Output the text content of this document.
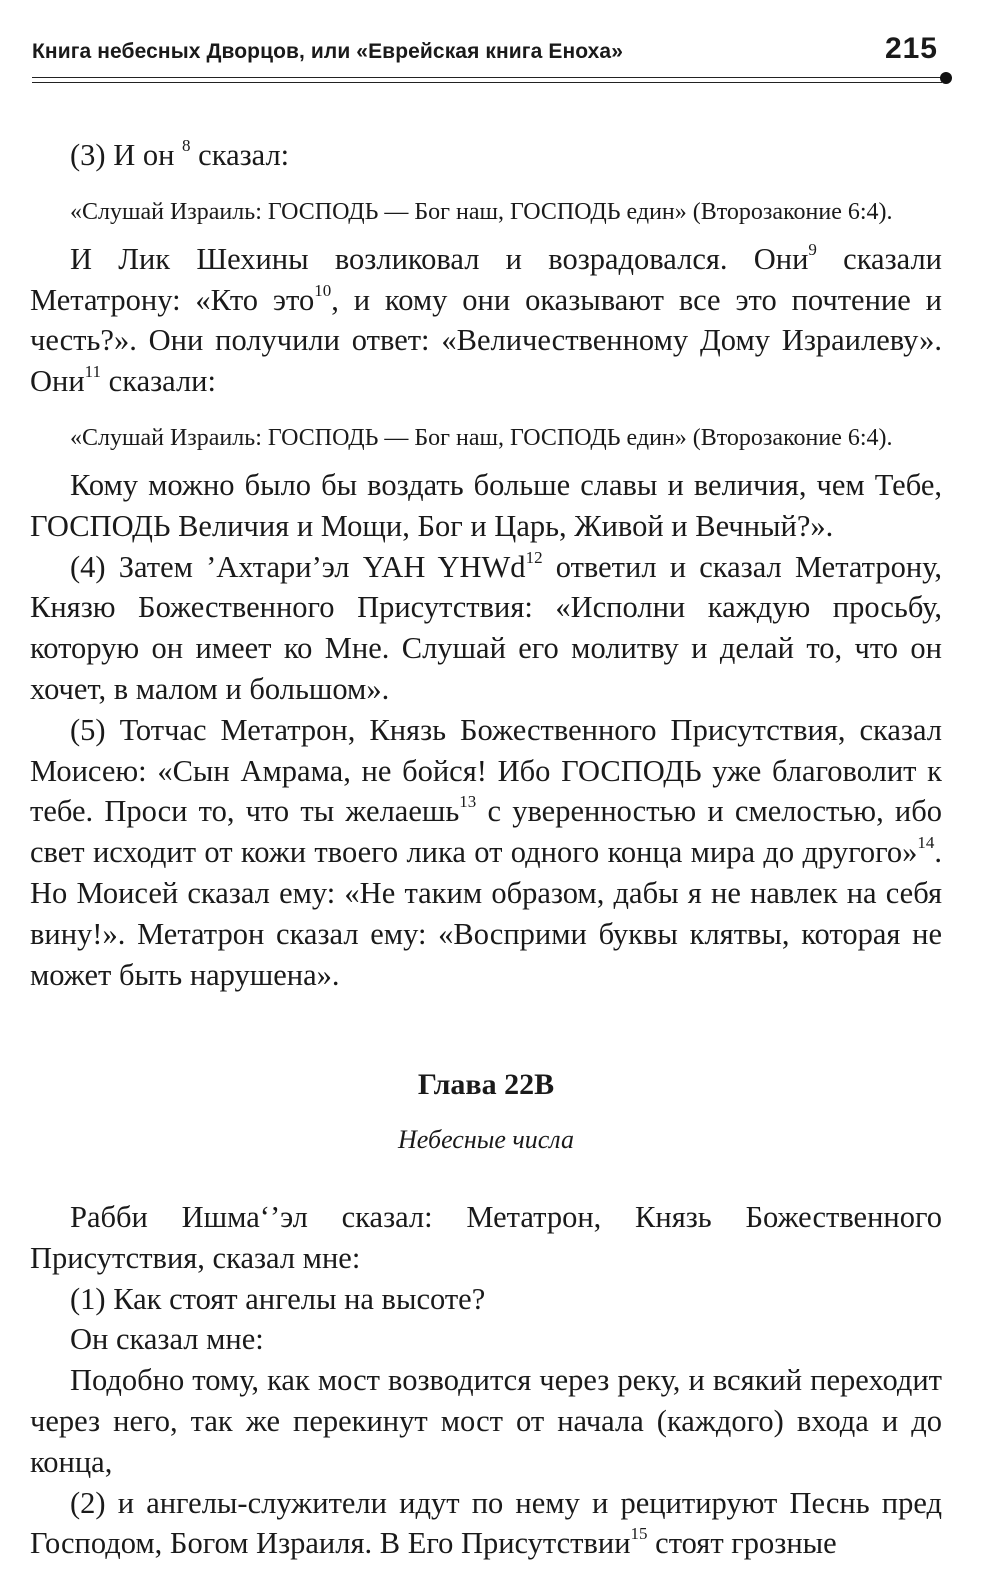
Книга небесных Дворцов, или «Еврейская книга Еноха»	215

(3) И он $^8$ сказал:

«Слушай Израиль: ГОСПОДЬ — Бог наш, ГОСПОДЬ един» (Второзаконие 6:4).

И Лик Шехины возликовал и возрадовался. Они$^9$ сказали Метатрону: «Кто это$^{10}$, и кому они оказывают все это почтение и честь?». Они получили ответ: «Величественному Дому Израилеву». Они$^{11}$ сказали:

«Слушай Израиль: ГОСПОДЬ — Бог наш, ГОСПОДЬ един» (Второзаконие 6:4).

Кому можно было бы воздать больше славы и величия, чем Тебе, ГОСПОДЬ Величия и Мощи, Бог и Царь, Живой и Вечный?».

(4) Затем ’Ахтари’эл YAH YHWd$^{12}$ ответил и сказал Метатрону, Князю Божественного Присутствия: «Исполни каждую просьбу, которую он имеет ко Мне. Слушай его молитву и делай то, что он хочет, в малом и большом».

(5) Тотчас Метатрон, Князь Божественного Присутствия, сказал Моисею: «Сын Амрама, не бойся! Ибо ГОСПОДЬ уже благоволит к тебе. Проси то, что ты желаешь$^{13}$ с уверенностью и смелостью, ибо свет исходит от кожи твоего лика от одного конца мира до другого»$^{14}$. Но Моисей сказал ему: «Не таким образом, дабы я не навлек на себя вину!». Метатрон сказал ему: «Восприми буквы клятвы, которая не может быть нарушена».

Глава 22В

Небесные числа

Рабби Ишма‘’эл сказал: Метатрон, Князь Божественного Присутствия, сказал мне:

(1) Как стоят ангелы на высоте?

Он сказал мне:

Подобно тому, как мост возводится через реку, и всякий переходит через него, так же перекинут мост от начала (каждого) входа и до конца,

(2) и ангелы-служители идут по нему и рецитируют Песнь пред Господом, Богом Израиля. В Его Присутствии$^{15}$ стоят грозные
